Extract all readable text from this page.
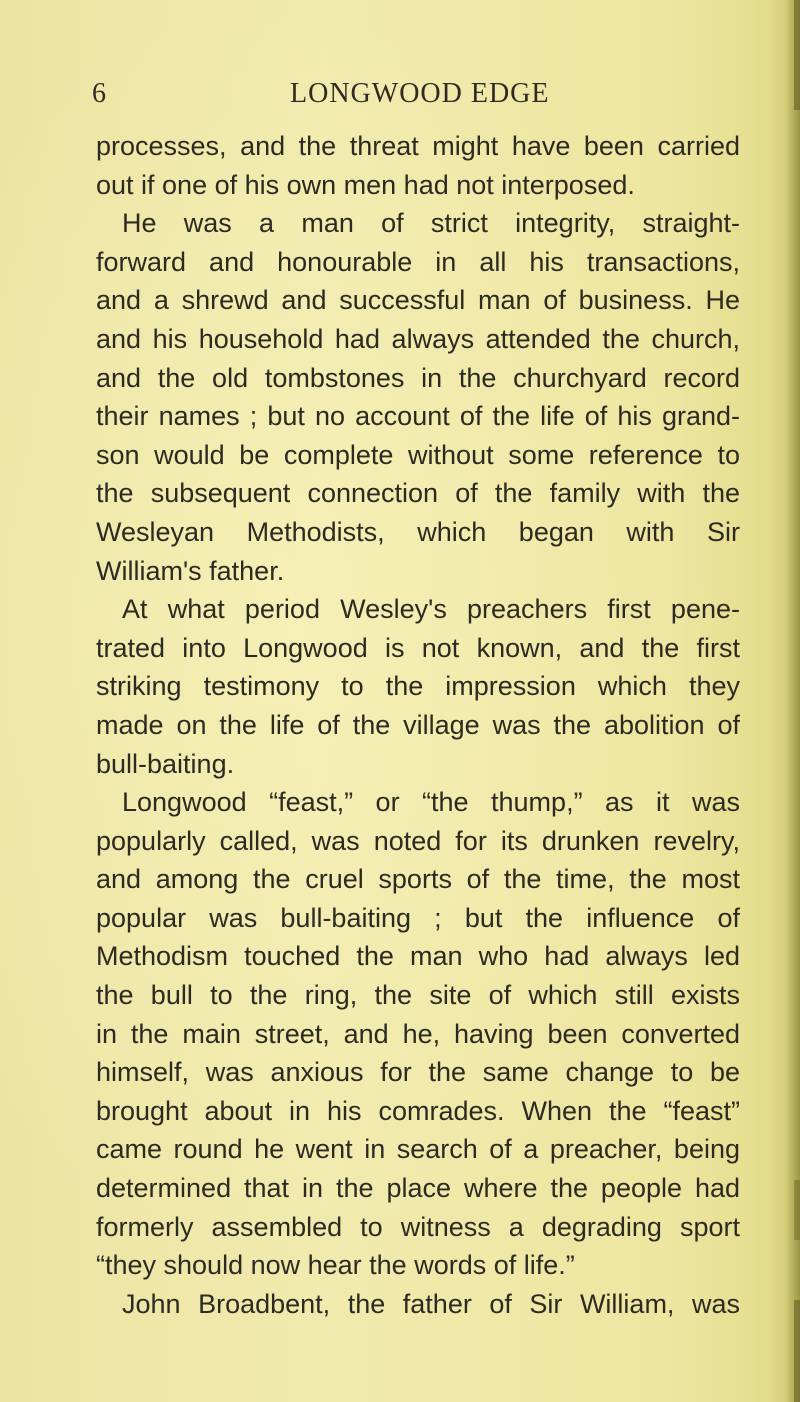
6	LONGWOOD EDGE
processes, and the threat might have been carried
out if one of his own men had not interposed.
He was a man of strict integrity, straight-
forward and honourable in all his transactions,
and a shrewd and successful man of business. He
and his household had always attended the church,
and the old tombstones in the churchyard record
their names ; but no account of the life of his grand-
son would be complete without some reference to
the subsequent connection of the family with the
Wesleyan Methodists, which began with Sir
William's father.
At what period Wesley's preachers first pene-
trated into Longwood is not known, and the first
striking testimony to the impression which they
made on the life of the village was the abolition of
bull-baiting.
Longwood “feast,” or “the thump,” as it was
popularly called, was noted for its drunken revelry,
and among the cruel sports of the time, the most
popular was bull-baiting ; but the influence of
Methodism touched the man who had always led
the bull to the ring, the site of which still exists
in the main street, and he, having been converted
himself, was anxious for the same change to be
brought about in his comrades. When the “feast”
came round he went in search of a preacher, being
determined that in the place where the people had
formerly assembled to witness a degrading sport
“they should now hear the words of life.”
John Broadbent, the father of Sir William, was
